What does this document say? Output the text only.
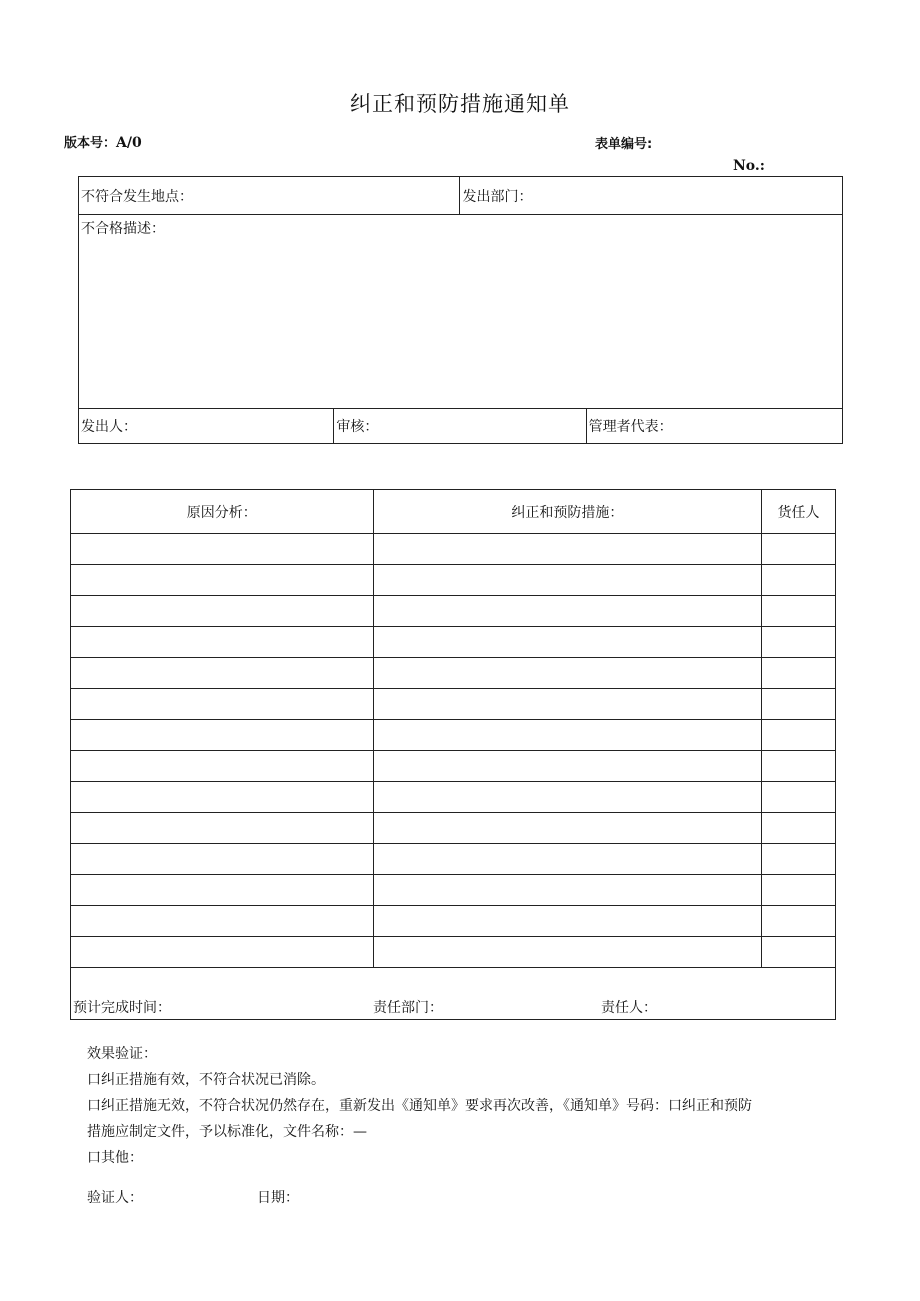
纠正和预防措施通知单
版本号：A/0	表单编号:
No.:
不符合发生地点：		发出部门：	
不合格描述：			
发出人：	审核：		管理者代表：
原因分析：	纠正和预防措施：	货任人

预计完成时间： 责任部门： 责任人：		
效果验证：
口纠正措施有效，不符合状况已消除。
口纠正措施无效，不符合状况仍然存在，重新发出《通知单》要求再次改善，《通知单》号码：口纠正和预防
措施应制定文件，予以标准化，文件名称：—
口其他：
验证人：	日期：
